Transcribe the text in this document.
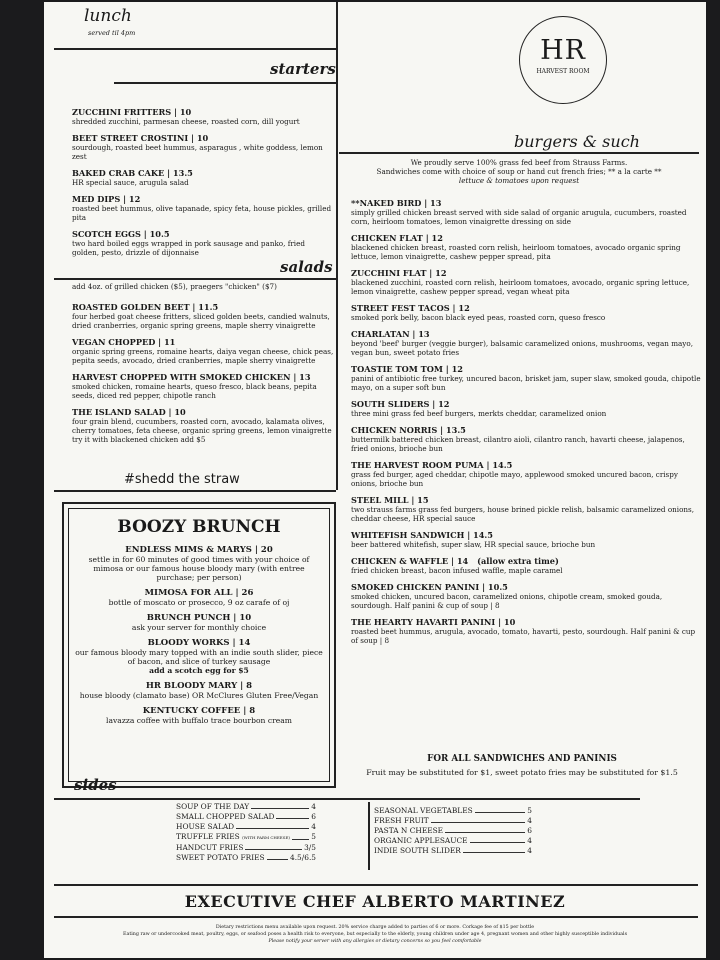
lunch
served til 4pm
HR
HARVEST ROOM
starters

ZUCCHINI FRITTERS | 10

shredded zucchini, parmesan cheese, roasted corn, dill yogurt

BEET STREET CROSTINI | 10

sourdough, roasted beet hummus, asparagus , white goddess, lemon zest

BAKED CRAB CAKE | 13.5

HR special sauce, arugula salad

MED DIPS | 12

roasted beet hummus, olive tapanade, spicy feta, house pickles, grilled pita

SCOTCH EGGS | 10.5

two hard boiled eggs wrapped in pork sausage and panko, fried golden, pesto, drizzle of dijonnaise

salads

add 4oz. of grilled chicken ($5), praegers "chicken" ($7)

ROASTED GOLDEN BEET | 11.5

four herbed goat cheese fritters, sliced golden beets, candied walnuts, dried cranberries, organic spring greens, maple sherry vinaigrette

VEGAN CHOPPED | 11

organic spring greens, romaine hearts, daiya vegan cheese, chick peas, pepita seeds, avocado, dried cranberries, maple sherry vinaigrette

HARVEST CHOPPED WITH SMOKED CHICKEN | 13

smoked chicken, romaine hearts, queso fresco, black beans, pepita seeds, diced red pepper, chipotle ranch

THE ISLAND SALAD | 10

four grain blend, cucumbers, roasted corn, avocado, kalamata olives, cherry tomatoes, feta cheese, organic spring greens, lemon vinaigrette try it with blackened chicken add $5

#shedd the straw
BOOZY BRUNCH

ENDLESS MIMS & MARYS | 20

settle in for 60 minutes of good times with your choice of mimosa or our famous house bloody mary (with entree purchase; per person)

MIMOSA FOR ALL | 26

bottle of moscato or prosecco, 9 oz carafe of oj

BRUNCH PUNCH | 10

ask your server for monthly choice

BLOODY WORKS | 14

our famous bloody mary topped with an indie south slider, piece of bacon, and slice of turkey sausage

add a scotch egg for $5

HR BLOODY MARY | 8

house bloody (clamato base) OR McClures Gluten Free/Vegan

KENTUCKY COFFEE | 8

lavazza coffee with buffalo trace bourbon cream

burgers & such

We proudly serve 100% grass fed beef from Strauss Farms.

Sandwiches come with choice of soup or hand cut french fries; ** a la carte **

lettuce & tomatoes upon request

**NAKED BIRD | 13

simply grilled chicken breast served with side salad of organic arugula, cucumbers, roasted corn, heirloom tomatoes, lemon vinaigrette dressing on side

CHICKEN FLAT | 12

blackened chicken breast, roasted corn relish, heirloom tomatoes, avocado organic spring lettuce, lemon vinaigrette, cashew pepper spread, pita

ZUCCHINI FLAT | 12

blackened zucchini, roasted corn relish, heirloom tomatoes, avocado, organic spring lettuce, lemon vinaigrette, cashew pepper spread, vegan wheat pita

STREET FEST TACOS | 12

smoked pork belly, bacon black eyed peas, roasted corn, queso fresco

CHARLATAN | 13

beyond 'beef' burger (veggie burger), balsamic caramelized onions, mushrooms, vegan mayo, vegan bun, sweet potato fries

TOASTIE TOM TOM | 12

panini of antibiotic free turkey, uncured bacon, brisket jam, super slaw, smoked gouda, chipotle mayo, on a super soft bun

SOUTH SLIDERS | 12

three mini grass fed beef burgers, merkts cheddar, caramelized onion

CHICKEN NORRIS | 13.5

buttermilk battered chicken breast, cilantro aioli, cilantro ranch, havarti cheese, jalapenos, fried onions, brioche bun

THE HARVEST ROOM PUMA | 14.5

grass fed burger, aged cheddar, chipotle mayo, applewood smoked uncured bacon, crispy onions, brioche bun

STEEL MILL | 15

two strauss farms grass fed burgers, house brined pickle relish, balsamic caramelized onions, cheddar cheese, HR special sauce

WHITEFISH SANDWICH | 14.5

beer battered whitefish, super slaw, HR special sauce, brioche bun

CHICKEN & WAFFLE | 14 (allow extra time)

fried chicken breast, bacon infused waffle, maple caramel

SMOKED CHICKEN PANINI | 10.5

smoked chicken, uncured bacon, caramelized onions, chipotle cream, smoked gouda, sourdough. Half panini & cup of soup | 8

THE HEARTY HAVARTI PANINI | 10

roasted beet hummus, arugula, avocado, tomato, havarti, pesto, sourdough. Half panini & cup of soup | 8

FOR ALL SANDWICHES AND PANINIS

Fruit may be substituted for $1, sweet potato fries may be substituted for $1.5

sides
SOUP OF THE DAY	4
SMALL CHOPPED SALAD	6
HOUSE SALAD	4
TRUFFLE FRIES (WITH PARM CHEESE)	5
HANDCUT FRIES	3/5
SWEET POTATO FRIES	4.5/6.5
SEASONAL VEGETABLES	5
FRESH FRUIT	4
PASTA N CHEESE	6
ORGANIC APPLESAUCE	4
INDIE SOUTH SLIDER	4
EXECUTIVE CHEF ALBERTO MARTINEZ
Dietary restrictions menu available upon request. 20% service charge added to parties of 6 or more. Corkage fee of $15 per bottle
Eating raw or undercooked meat, poultry, eggs, or seafood poses a health risk to everyone, but especially to the elderly, young children under age 4, pregnant women and other highly susceptible individuals
Please notify your server with any allergies or dietary concerns so you feel comfortable
